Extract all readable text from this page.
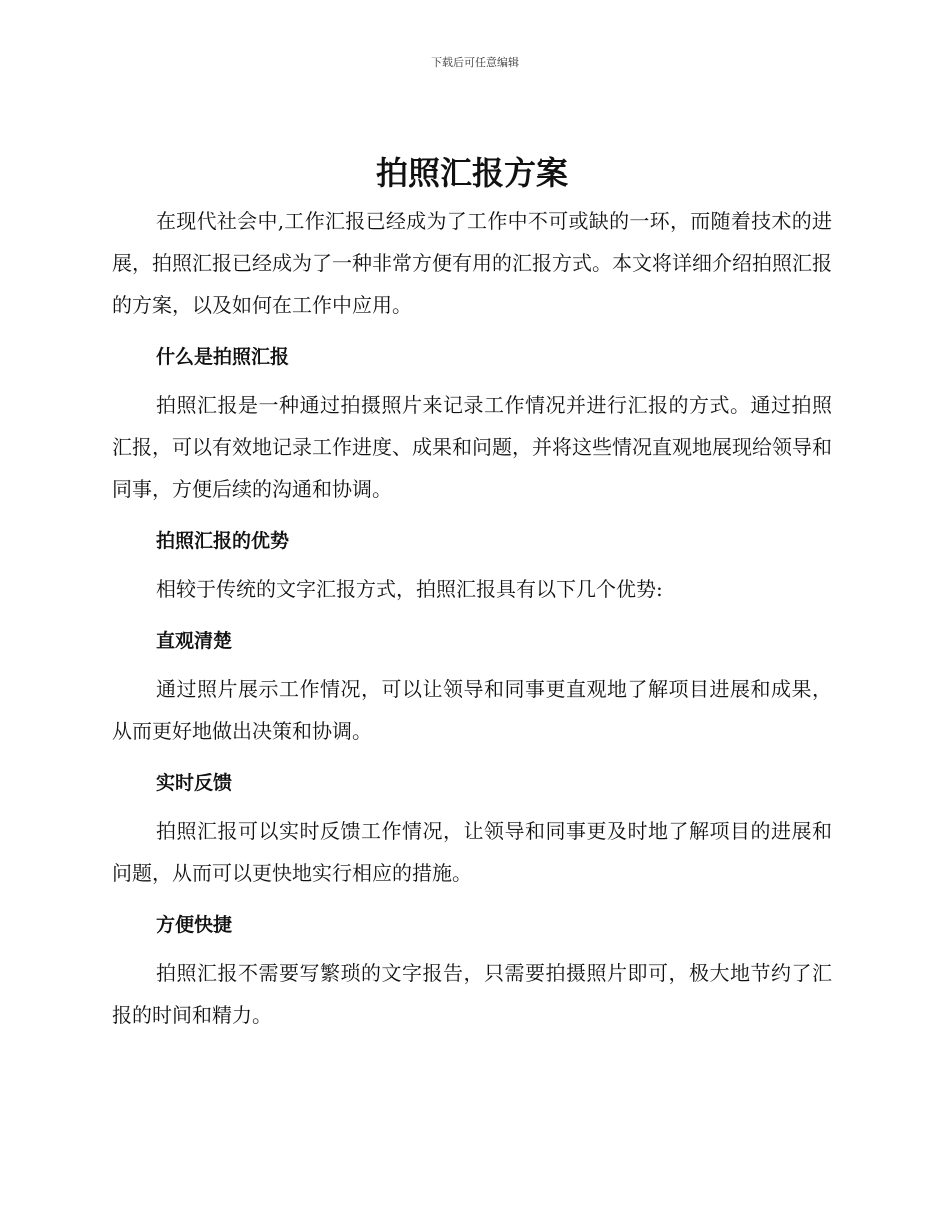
下载后可任意编辑
拍照汇报方案

在现代社会中,工作汇报已经成为了工作中不可或缺的一环，而随着技术的进展，拍照汇报已经成为了一种非常方便有用的汇报方式。本文将详细介绍拍照汇报的方案，以及如何在工作中应用。

什么是拍照汇报

拍照汇报是一种通过拍摄照片来记录工作情况并进行汇报的方式。通过拍照汇报，可以有效地记录工作进度、成果和问题，并将这些情况直观地展现给领导和同事，方便后续的沟通和协调。

拍照汇报的优势

相较于传统的文字汇报方式，拍照汇报具有以下几个优势:

直观清楚

通过照片展示工作情况，可以让领导和同事更直观地了解项目进展和成果，从而更好地做出决策和协调。

实时反馈

拍照汇报可以实时反馈工作情况，让领导和同事更及时地了解项目的进展和问题，从而可以更快地实行相应的措施。

方便快捷

拍照汇报不需要写繁琐的文字报告，只需要拍摄照片即可，极大地节约了汇报的时间和精力。
